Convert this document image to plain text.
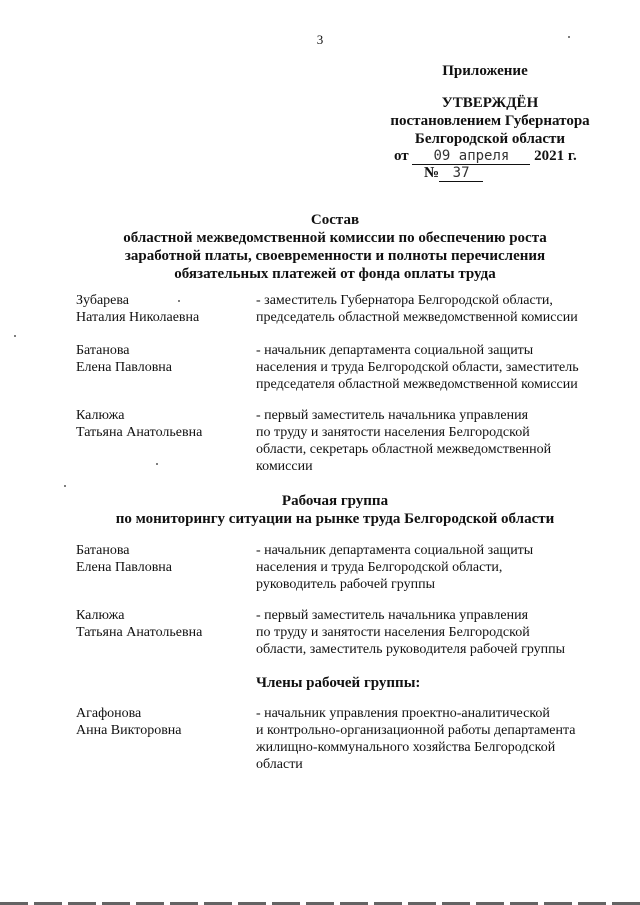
3
Приложение
УТВЕРЖДЁН
постановлением Губернатора
Белгородской области
от 09 апреля 2021 г.
№ 37
Состав
областной межведомственной комиссии по обеспечению роста
заработной платы, своевременности и полноты перечисления
обязательных платежей от фонда оплаты труда
Зубарева
Наталия Николаевна
- заместитель Губернатора Белгородской области,
председатель областной межведомственной комиссии
Батанова
Елена Павловна
- начальник департамента социальной защиты
населения и труда Белгородской области, заместитель
председателя областной межведомственной комиссии
Калюжа
Татьяна Анатольевна
- первый заместитель начальника управления
по труду и занятости населения Белгородской
области, секретарь областной межведомственной
комиссии
Рабочая группа
по мониторингу ситуации на рынке труда Белгородской области
Батанова
Елена Павловна
- начальник департамента социальной защиты
населения и труда Белгородской области,
руководитель рабочей группы
Калюжа
Татьяна Анатольевна
- первый заместитель начальника управления
по труду и занятости населения Белгородской
области, заместитель руководителя рабочей группы
Члены рабочей группы:
Агафонова
Анна Викторовна
- начальник управления проектно-аналитической
и контрольно-организационной работы департамента
жилищно-коммунального хозяйства Белгородской
области
